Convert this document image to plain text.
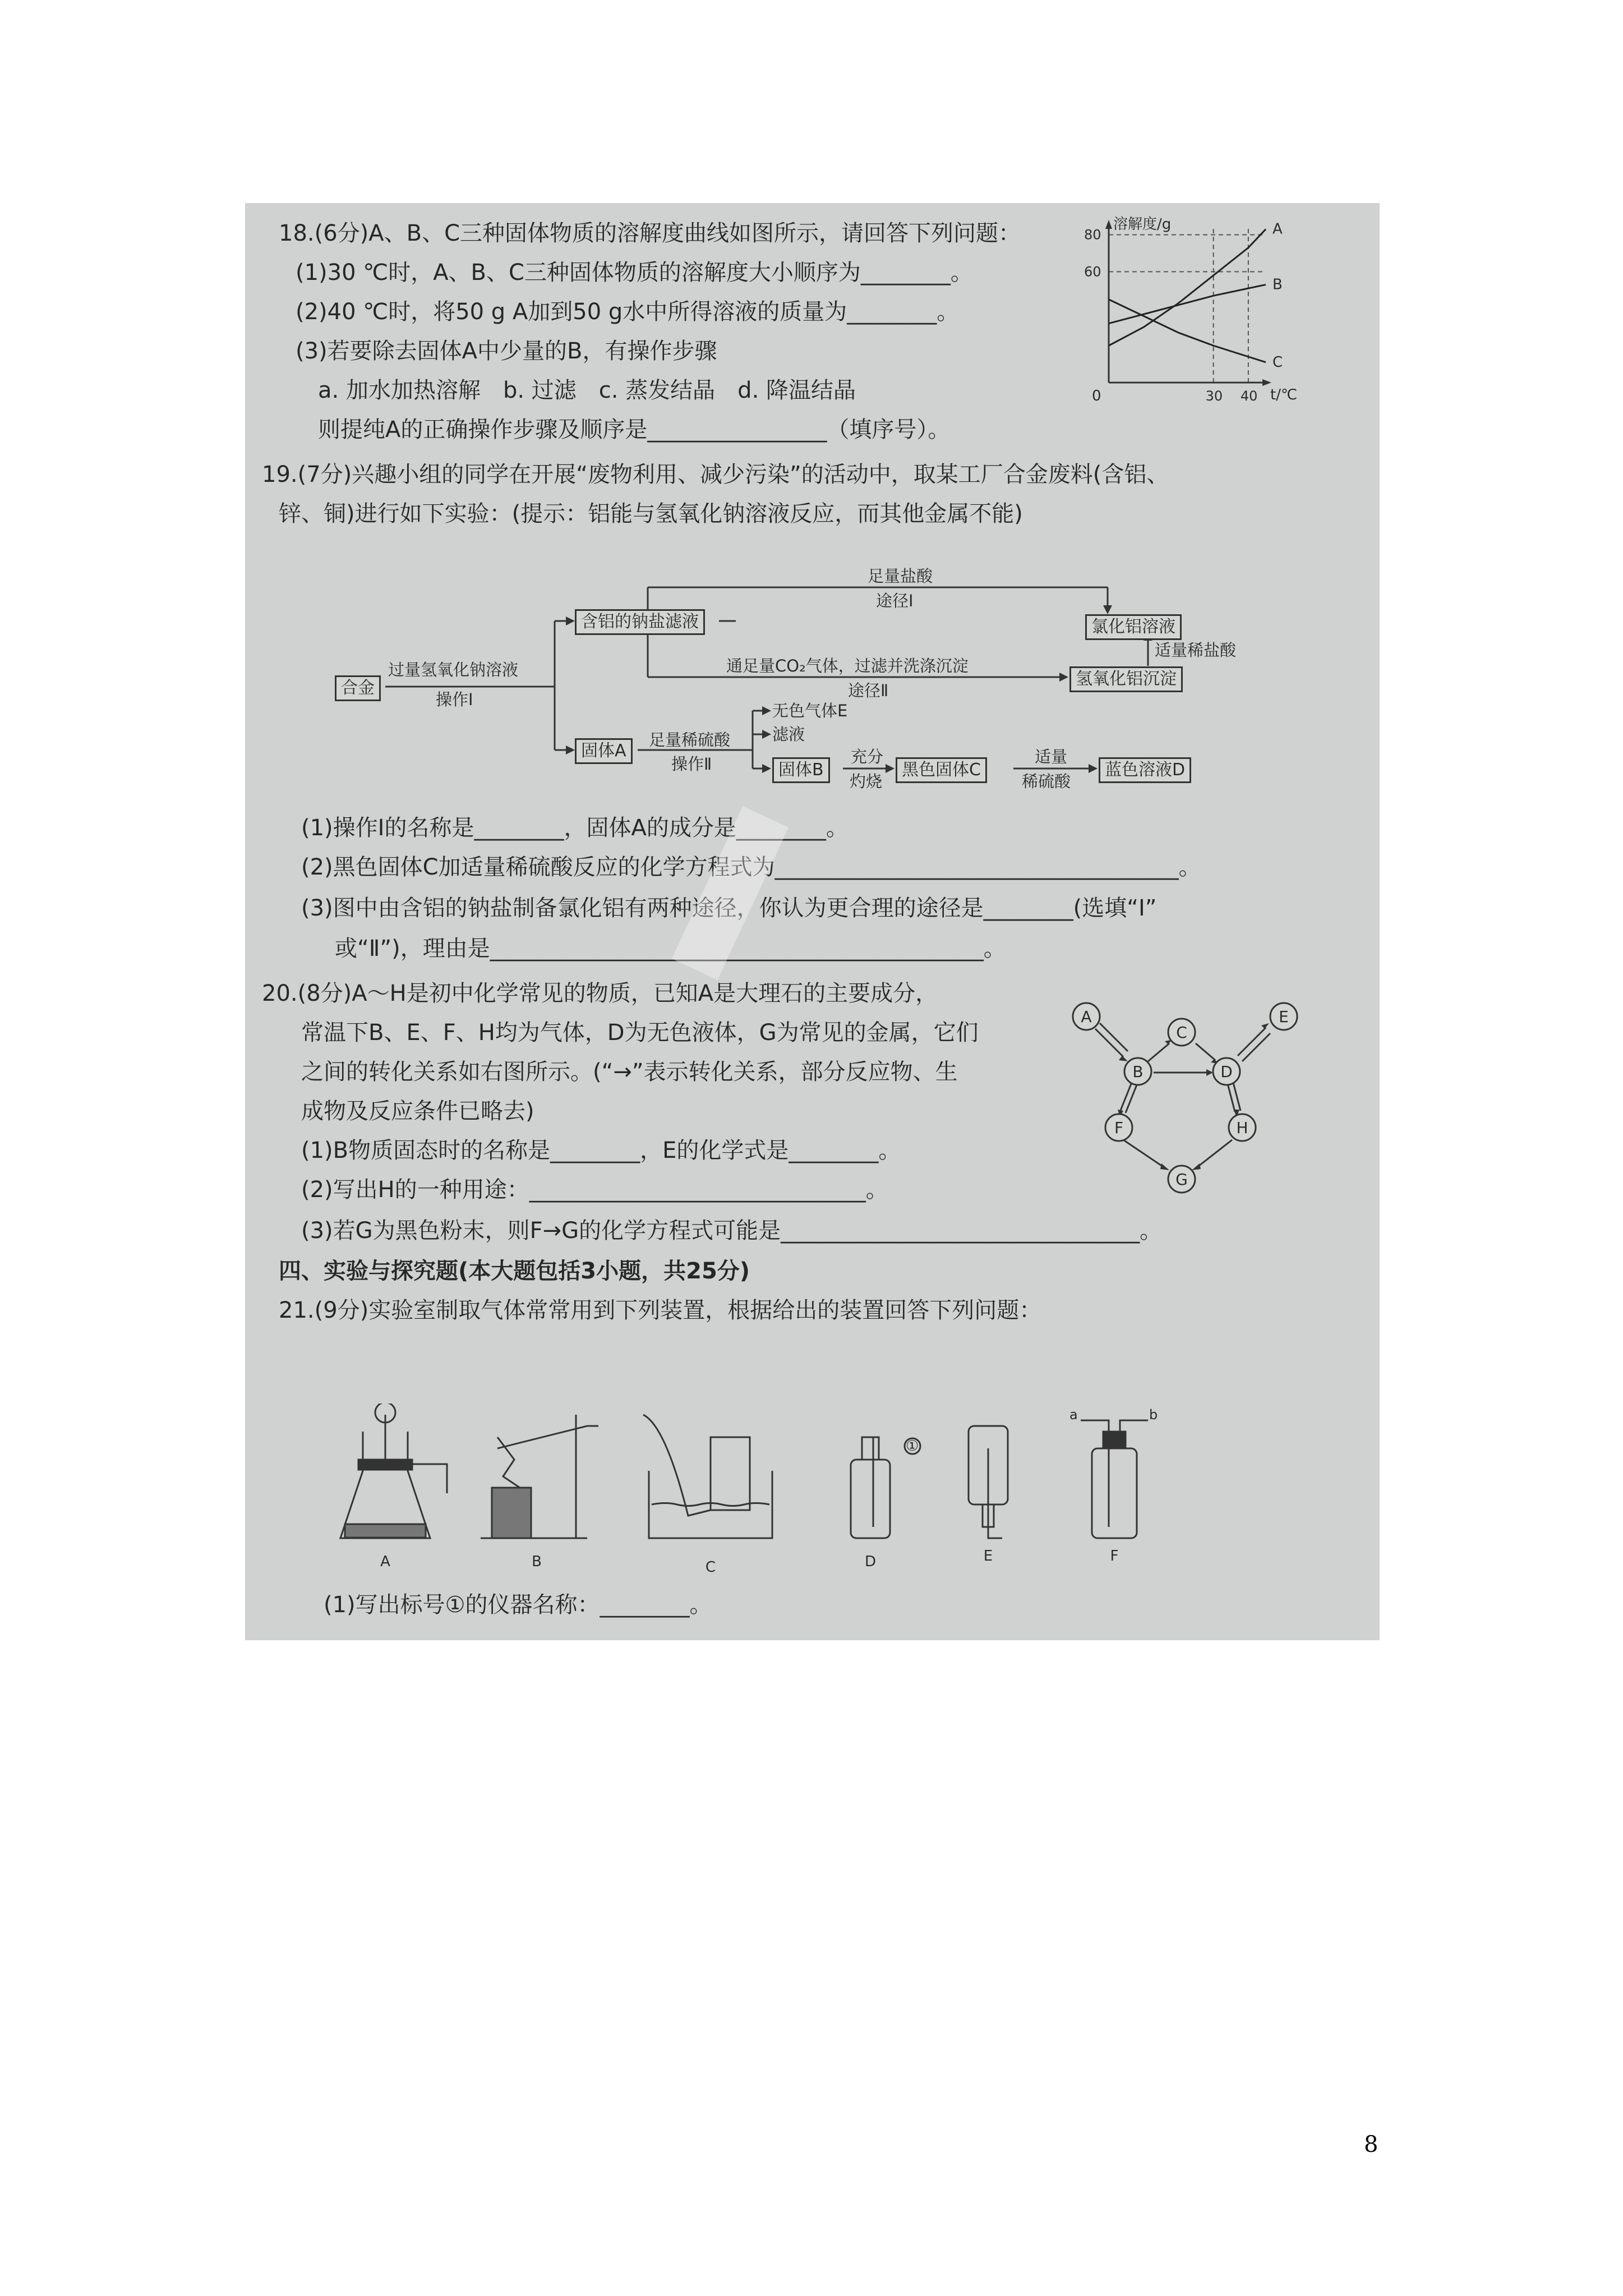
18.(6分)A、B、C三种固体物质的溶解度曲线如图所示，请回答下列问题：
(1)30 ℃时，A、B、C三种固体物质的溶解度大小顺序为________。
(2)40 ℃时，将50 g A加到50 g水中所得溶液的质量为________。
(3)若要除去固体A中少量的B，有操作步骤
a. 加水加热溶解　b. 过滤　c. 蒸发结晶　d. 降温结晶
则提纯A的正确操作步骤及顺序是________________（填序号）。
溶解度/g
t/℃
0
80
60
30 40
A
B
C
19.(7分)兴趣小组的同学在开展“废物利用、减少污染”的活动中，取某工厂合金废料(含铝、
锌、铜)进行如下实验：(提示：铝能与氢氧化钠溶液反应，而其他金属不能)
合金
过量氢氧化钠溶液
操作Ⅰ
含铝的钠盐滤液
足量盐酸
途径Ⅰ
氯化铝溶液
适量稀盐酸
通足量CO₂气体，过滤并洗涤沉淀
途径Ⅱ
氢氧化铝沉淀
固体A
足量稀硫酸
操作Ⅱ
无色气体E
滤液
固体B
充分
灼烧
黑色固体C
适量
稀硫酸
蓝色溶液D
(1)操作Ⅰ的名称是________，固体A的成分是________。
(2)黑色固体C加适量稀硫酸反应的化学方程式为____________________________________。
(3)图中由含铝的钠盐制备氯化铝有两种途径，你认为更合理的途径是________(选填“Ⅰ”
或“Ⅱ”)，理由是____________________________________________。
20.(8分)A～H是初中化学常见的物质，已知A是大理石的主要成分，
常温下B、E、F、H均为气体，D为无色液体，G为常见的金属，它们
之间的转化关系如右图所示。(“→”表示转化关系，部分反应物、生
成物及反应条件已略去)
(1)B物质固态时的名称是________，E的化学式是________。
(2)写出H的一种用途：______________________________。
(3)若G为黑色粉末，则F→G的化学方程式可能是________________________________。
A
B
C
D
E
F
G
H
四、实验与探究题(本大题包括3小题，共25分)
21.(9分)实验室制取气体常常用到下列装置，根据给出的装置回答下列问题：
①
a	b
A	B	C	D	E	F
(1)写出标号①的仪器名称：________。
8
